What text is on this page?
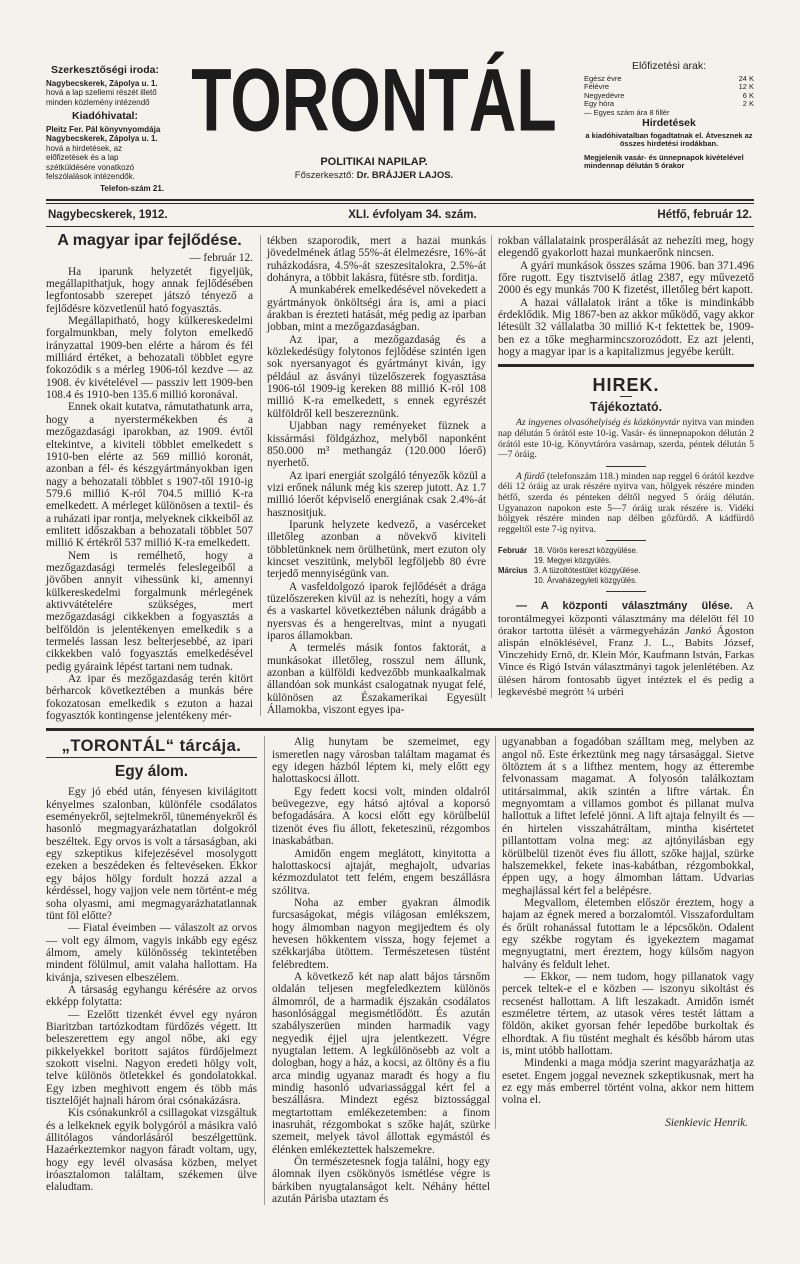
Szerkesztőségi iroda:
Nagybecskerek, Zápolya u. 1.
hová a lap szellemi részét illető minden közlemény intézendő
Kiadóhivatal:
Pleitz Fer. Pál könyvnyomdája Nagybecskerek, Zápolya u. 1.
hová a hirdetések, az előfizetések és a lap szétküldésére vonatkozó felszólalások intézendők.
Telefon-szám 21.
TORONTÁL
POLITIKAI NAPILAP.
Főszerkesztő: Dr. BRÁJJER LAJOS.
Előfizetési arak:
Egész évre	24 K
Félévre	12 K
Negyedévre	6 K
Egy hóra	2 K
— Egyes szám ára 8 fillér
Hirdetések
a kiadóhivatalban fogadtatnak el. Átvesznek az összes hirdetési irodákban.
Megjelenik vasár- és ünnepnapok kivételével mindennap délután 5 órakor
Nagybecskerek, 1912.	XLI. évfolyam 34. szám.	Hétfő, február 12.
A magyar ipar fejlődése.
— február 12.

Ha iparunk helyzetét figyeljük, megállapithatjuk, hogy annak fejlődésében legfontosabb szerepet játszó tényező a fejlődésre közvetlenül ható fogyasztás.

Megállapitható, hogy külkereskedelmi forgalmunkban, mely folyton emelkedő irányzattal 1909-ben elérte a három és fél milliárd értéket, a behozatali többlet egyre fokozódik s a mérleg 1906-tól kezdve — az 1908. év kivételével — passziv lett 1909-ben 108.4 és 1910-ben 135.6 millió koronával.

Ennek okait kutatva, rámutathatunk arra, hogy a nyerstermékekben és a mezőgazdasági iparokban, az 1909. évtől eltekintve, a kiviteli többlet emelkedett s 1910-ben elérte az 569 millió koronát, azonban a fél- és készgyártmányokban igen nagy a behozatali többlet s 1907-től 1910-ig 579.6 millió K-ról 704.5 millió K-ra emelkedett. A mérleget különösen a textil- és a ruházati ipar rontja, melyeknek cikkeiből az emlitett időszakban a behozatali többlet 507 millió K értékről 537 millió K-ra emelkedett.

Nem is remélhető, hogy a mezőgazdasági termelés feleslegeiből a jövőben annyit vihessünk ki, amennyi külkereskedelmi forgalmunk mérlegének aktivvátételére szükséges, mert mezőgazdasági cikkekben a fogyasztás a belföldön is jelentékenyen emelkedik s a termelés lassan lesz belterjesebbé, az ipari cikkekben való fogyasztás emelkedésével pedig gyáraink lépést tartani nem tudnak.

Az ipar és mezőgazdaság terén kitört bérharcok következtében a munkás bére fokozatosan emelkedik s ezuton a hazai fogyasztók kontingense jelentékeny mér-

tékben szaporodik, mert a hazai munkás jövedelmének átlag 55%-át élelmezésre, 16%-át ruházkodásra, 4.5%-át szeszesitalokra, 2.5%-át dohányra, a többit lakásra, fütésre stb. forditja.

A munkabérek emelkedésével növekedett a gyártmányok önköltségi ára is, ami a piaci árakban is érezteti hatását, még pedig az iparban jobban, mint a mezőgazdaságban.

Az ipar, a mezőgazdaság és a közlekedésügy folytonos fejlődése szintén igen sok nyersanyagot és gyártmányt kiván, igy például az ásványi tüzelőszerek fogyasztása 1906-tól 1909-ig kereken 88 millió K-ról 108 millió K-ra emelkedett, s ennek egyrészét külföldről kell beszereznünk.

Ujabban nagy reményeket füznek a kissármási földgázhoz, melyből naponként 850.000 m³ methangáz (120.000 lóerő) nyerhető.

Az ipari energiát szolgáló tényezők közül a vizi erőnek nálunk még kis szerep jutott. Az 1.7 millió lóerőt képviselő energiának csak 2.4%-át hasznositjuk.

Iparunk helyzete kedvező, a vasérceket illetőleg azonban a növekvő kiviteli többletünknek nem örülhetünk, mert ezuton oly kincset veszitünk, melyből legföljebb 80 évre terjedő mennyiségünk van.

A vasfeldolgozó iparok fejlődését a drága tüzelőszereken kivül az is nehezíti, hogy a vám és a vaskartel következtében nálunk drágább a nyersvas és a hengereltvas, mint a nyugati iparos államokban.

A termelés másik fontos faktorát, a munkásokat illetőleg, rosszul nem állunk, azonban a külföldi kedvezőbb munkaalkalmak állandóan sok munkást csalogatnak nyugat felé, különösen az Északamerikai Egyesült Államokba, viszont egyes ipa-

rokban vállalataink prosperálását az nehezíti meg, hogy elegendő gyakorlott hazai munkaerőnk nincsen.

A gyári munkások összes száma 1906. ban 371.496 főre rugott. Egy tisztviselő átlag 2387, egy művezető 2000 és egy munkás 700 K fizetést, illetőleg bért kapott.

A hazai vállalatok iránt a tőke is mindinkább érdeklődik. Mig 1867-ben az akkor működő, vagy akkor létesült 32 vállalatba 30 millió K-t fektettek be, 1909-ben ez a tőke megharmincszorozódott. Ez azt jelenti, hogy a magyar ipar is a kapitalizmus jegyébe került.

HIREK.
Tájékoztató.

Az ingyenes olvasóhelyiség és közkönyvtár nyitva van minden nap délután 5 órától este 10-ig. Vasár- és ünnepnapokon délután 2 órától este 10-ig. Könyvtáróra vasárnap, szerda, péntek délután 5—7 óráig.

A fürdő (telefonszám 118.) minden nap reggel 6 órától kezdve déli 12 óráig az urak részére nyitva van, hölgyek részére minden hétfő, szerda és pénteken déltől negyed 5 óráig délután. Ugyanazon napokon este 5—7 óráig urak részére is. Vidéki hölgyek részére minden nap délben gőzfürdő. A kádfürdő reggeltől este 7-ig nyitva.

Február 18. Vörös kereszt közgyülése.
19. Megyei közgyülés.
Március 3. A tüzoltótestület közgyülése.
10. Árvaházegyleti közgyülés.

— A központi választmány ülése. A torontálmegyei központi választmány ma délelőtt fél 10 órakor tartotta ülését a vármegyeházán Jankó Ágoston alispán elnöklésével, Franz J. L., Babits József, Vinczehidy Ernő, dr. Klein Mór, Kaufmann István, Farkas Vince és Rigó István választmányi tagok jelenlétében. Az ülésen három fontosabb ügyet intéztek el és pedig a legkevésbé megrótt ¼ urbéri

„TORONTÁL“ tárcája.
Egy álom.

Egy jó ebéd után, fényesen kivilágitott kényelmes szalonban, különféle csodálatos eseményekről, sejtelmekről, tüneményekről és hasonló megmagyarázhatatlan dolgokról beszéltek. Egy orvos is volt a társaságban, aki egy szkeptikus kifejezésével mosolygott ezeken a beszédeken és feltevéseken. Ekkor egy bájos hölgy fordult hozzá azzal a kérdéssel, hogy vajjon vele nem történt-e még soha olyasmi, ami megmagyarázhatatlannak tünt föl előtte?

— Fiatal éveimben — válaszolt az orvos — volt egy álmom, vagyis inkább egy egész álmom, amely különösség tekintetében mindent fölülmul, amit valaha hallottam. Ha kivánja, szivesen elbeszélem.

A társaság egyhangu kérésére az orvos ekképp folytatta:

— Ezelőtt tizenkét évvel egy nyáron Biaritzban tartózkodtam fürdőzés végett. Itt beleszerettem egy angol nőbe, aki egy pikkelyekkel boritott sajátos fürdőjelmezt szokott viselni. Nagyon eredeti hölgy volt, telve különös ötletekkel és gondolatokkal. Egy izben meghivott engem és több más tisztelőjét hajnali három órai csónakázásra.

Kis csónakunkról a csillagokat vizsgáltuk és a lelkeknek egyik bolygóról a másikra való állitólagos vándorlásáról beszélgettünk. Hazaérkeztemkor nagyon fáradt voltam, ugy, hogy egy levél olvasása közben, melyet iróasztalomon találtam, székemen ülve elaludtam.

Alig hunytam be szemeimet, egy ismeretlen nagy városban találtam magamat és egy idegen házból léptem ki, mely előtt egy halottaskocsi állott.

Egy fedett kocsi volt, minden oldalról beüvegezve, egy hátsó ajtóval a koporsó befogadására. A kocsi előtt egy körülbelül tizenöt éves fiu állott, feketeszinü, rézgombos inaskabátban.

Amidőn engem meglátott, kinyitotta a halottaskocsi ajtaját, meghajolt, udvarias kézmozdulatot tett felém, engem beszállásra szólitva.

Noha az ember gyakran álmodik furcsaságokat, mégis világosan emlékszem, hogy álmomban nagyon megijedtem és oly hevesen hökkentem vissza, hogy fejemet a székkarjába ütöttem. Természetesen tüstént felébredtem.

A következő két nap alatt bájos társnőm oldalán teljesen megfeledkeztem különös álmomról, de a harmadik éjszakán csodálatos hasonlósággal megismétlődött. És azután szabályszerüen minden harmadik vagy negyedik éjjel ujra jelentkezett. Végre nyugtalan lettem. A legkülönösebb az volt a dologban, hogy a ház, a kocsi, az öltöny és a fiu arca mindig ugyanaz maradt és hogy a fiu mindig hasonló udvariassággal kért fel a beszállásra. Mindezt egész biztossággal megtartottam emlékezetemben: a finom inasruhát, rézgombokat s szőke haját, szürke szemeit, melyek távol állottak egymástól és élénken emlékeztettek halszemekre.

Ön természetesnek fogja találni, hogy egy álomnak ilyen csökönyös ismétlése végre is bárkiben nyugtalanságot kelt. Néhány héttel azután Párisba utaztam és

ugyanabban a fogadóban szálltam meg, melyben az angol nő. Este érkeztünk meg nagy társasággal. Sietve öltöztem át s a lifthez mentem, hogy az étterembe felvonassam magamat. A folyosón találkoztam utitársaimmal, akik szintén a liftre vártak. Én megnyomtam a villamos gombot és pillanat mulva hallottuk a liftet lefelé jönni. A lift ajtaja felnyilt és — én hirtelen visszahátráltam, mintha kisértetet pillantottam volna meg: az ajtónyilásban egy körülbelül tizenöt éves fiu állott, szőke hajjal, szürke halszemekkel, fekete inas-kabátban, rézgombokkal, éppen ugy, a hogy álmomban láttam. Udvarias meghajlással kért fel a belépésre.

Megvallom, életemben először éreztem, hogy a hajam az égnek mered a borzalomtól. Visszafordultam és őrült rohanással futottam le a lépcsőkön. Odalent egy székbe rogytam és igyekeztem magamat megnyugtatni, mert éreztem, hogy külsőm nagyon halvány és feldult lehet.

— Ekkor, — nem tudom, hogy pillanatok vagy percek teltek-e el e közben — iszonyu sikoltást és recsenést hallottam. A lift leszakadt. Amidőn ismét eszméletre tértem, az utasok véres testét láttam a földön, akiket gyorsan fehér lepedőbe burkoltak és elhordtak. A fiu tüstént meghalt és később három utas is, mint utóbb hallottam.

Mindenki a maga módja szerint magyarázhatja az esetet. Engem joggal neveznek szkeptikusnak, mert ha ez egy más emberrel történt volna, akkor nem hittem volna el.

Sienkievic Henrik.
